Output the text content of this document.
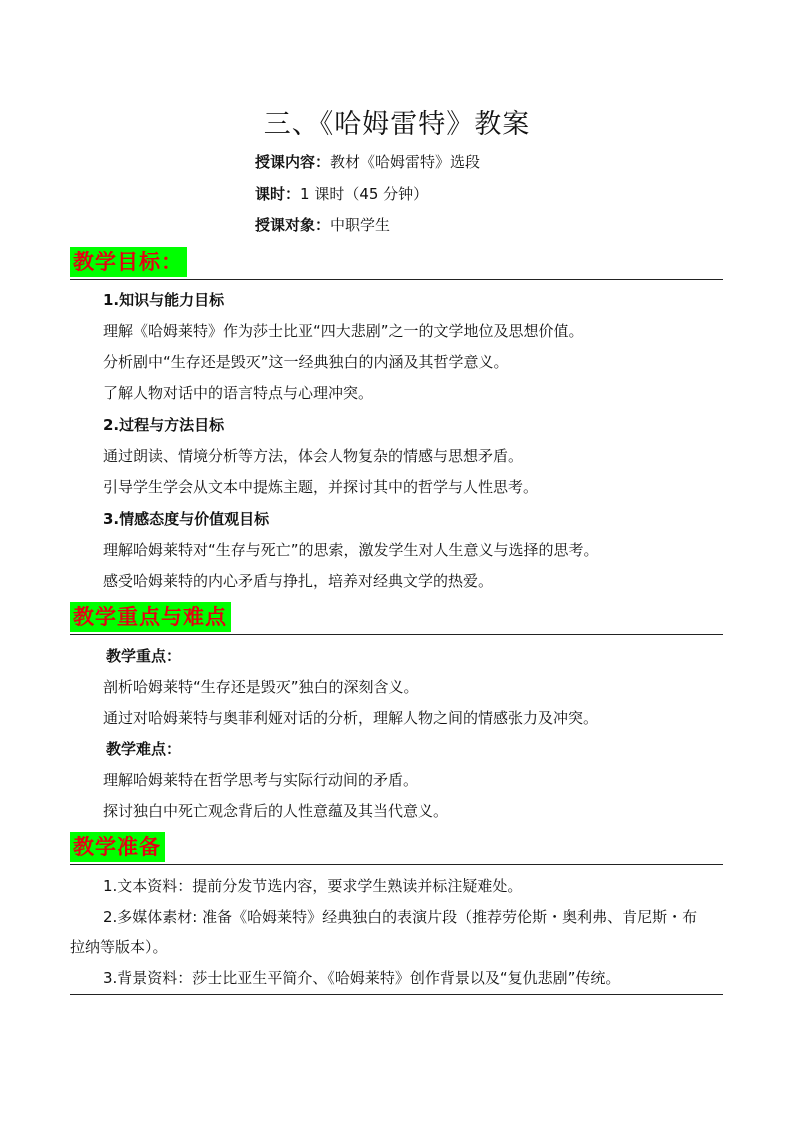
三、《哈姆雷特》教案
授课内容：教材《哈姆雷特》选段
课时：1 课时（45 分钟）
授课对象：中职学生
教学目标：
1.知识与能力目标
理解《哈姆莱特》作为莎士比亚“四大悲剧”之一的文学地位及思想价值。
分析剧中“生存还是毁灭”这一经典独白的内涵及其哲学意义。
了解人物对话中的语言特点与心理冲突。
2.过程与方法目标
通过朗读、情境分析等方法，体会人物复杂的情感与思想矛盾。
引导学生学会从文本中提炼主题，并探讨其中的哲学与人性思考。
3.情感态度与价值观目标
理解哈姆莱特对“生存与死亡”的思索，激发学生对人生意义与选择的思考。
感受哈姆莱特的内心矛盾与挣扎，培养对经典文学的热爱。
教学重点与难点
教学重点：
剖析哈姆莱特“生存还是毁灭”独白的深刻含义。
通过对哈姆莱特与奥菲利娅对话的分析，理解人物之间的情感张力及冲突。
教学难点：
理解哈姆莱特在哲学思考与实际行动间的矛盾。
探讨独白中死亡观念背后的人性意蕴及其当代意义。
教学准备
1.文本资料：提前分发节选内容，要求学生熟读并标注疑难处。
2.多媒体素材: 准备《哈姆莱特》经典独白的表演片段（推荐劳伦斯・奥利弗、肯尼斯・布
拉纳等版本）。
3.背景资料：莎士比亚生平简介、《哈姆莱特》创作背景以及“复仇悲剧”传统。
